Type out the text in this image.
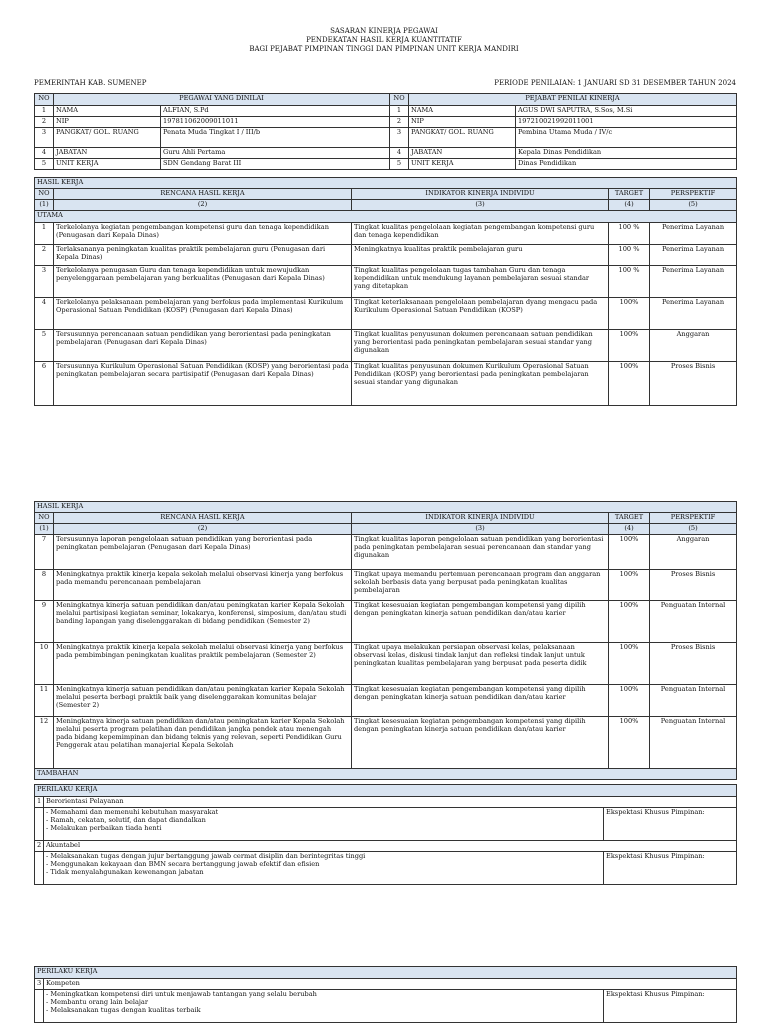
SASARAN KINERJA PEGAWAI
PENDEKATAN HASIL KERJA KUANTITATIF
BAGI PEJABAT PIMPINAN TINGGI DAN PIMPINAN UNIT KERJA MANDIRI
PEMERINTAH KAB. SUMENEP	PERIODE PENILAIAN: 1 JANUARI SD 31 DESEMBER TAHUN 2024
NO	PEGAWAI YANG DINILAI		NO	PEJABAT PENILAI KINERJA	
1	NAMA	ALFIAN, S.Pd	1	NAMA	AGUS DWI SAPUTRA, S.Sos, M.Si
2	NIP	197811062009011011	2	NIP	197210021992011001
3	PANGKAT/ GOL. RUANG	Penata Muda Tingkat I / III/b	3	PANGKAT/ GOL. RUANG	Pembina Utama Muda / IV/c
4	JABATAN	Guru Ahli Pertama	4	JABATAN	Kepala Dinas Pendidikan
5	UNIT KERJA	SDN Gendang Barat III	5	UNIT KERJA	Dinas Pendidikan
HASIL KERJA				
NO	RENCANA HASIL KERJA	INDIKATOR KINERJA INDIVIDU	TARGET	PERSPEKTIF
(1)	(2)	(3)	(4)	(5)
UTAMA				
1	Terkelolanya kegiatan pengembangan kompetensi guru dan tenaga kependidikan (Penugasan dari Kepala Dinas)	Tingkat kualitas pengelolaan kegiatan pengembangan kompetensi guru dan tenaga kependidikan	100 %	Penerima Layanan
2	Terlaksananya peningkatan kualitas praktik pembelajaran guru (Penugasan dari Kepala Dinas)	Meningkatnya kualitas praktik pembelajaran guru	100 %	Penerima Layanan
3	Terkelolanya penugasan Guru dan tenaga kependidikan untuk mewujudkan penyelenggaraan pembelajaran yang berkualitas (Penugasan dari Kepala Dinas)	Tingkat kualitas pengelolaan tugas tambahan Guru dan tenaga kependidikan untuk mendukung layanan pembelajaran sesuai standar yang ditetapkan	100 %	Penerima Layanan
4	Terkelolanya pelaksanaan pembelajaran yang berfokus pada implementasi Kurikulum Operasional Satuan Pendidikan (KOSP) (Penugasan dari Kepala Dinas)	Tingkat keterlaksanaan pengelolaan pembelajaran dyang mengacu pada Kurikulum Operasional Satuan Pendidikan (KOSP)	100%	Penerima Layanan
5	Tersusunnya perencanaan satuan pendidikan yang berorientasi pada peningkatan pembelajaran (Penugasan dari Kepala Dinas)	Tingkat kualitas penyusunan dokumen perencanaan satuan pendidikan yang berorientasi pada peningkatan pembelajaran sesuai standar yang digunakan	100%	Anggaran
6	Tersusunnya Kurikulum Operasional Satuan Pendidikan (KOSP) yang berorientasi pada peningkatan pembelajaran secara partisipatif (Penugasan dari Kepala Dinas)	Tingkat kualitas penyusunan dokumen Kurikulum Operasional Satuan Pendidikan (KOSP) yang berorientasi pada peningkatan pembelajaran sesuai standar yang digunakan	100%	Proses Bisnis
HASIL KERJA				
NO	RENCANA HASIL KERJA	INDIKATOR KINERJA INDIVIDU	TARGET	PERSPEKTIF
(1)	(2)	(3)	(4)	(5)
7	Tersusunnya laporan pengelolaan satuan pendidikan yang berorientasi pada peningkatan pembelajaran (Penugasan dari Kepala Dinas)	Tingkat kualitas laporan pengelolaan satuan pendidikan yang berorientasi pada peningkatan pembelajaran sesuai perencanaan dan standar yang digunakan	100%	Anggaran
8	Meningkatnya praktik kinerja kepala sekolah melalui observasi kinerja yang berfokus pada memandu perencanaan pembelajaran	Tingkat upaya memandu pertemuan perencanaan program dan anggaran sekolah berbasis data yang berpusat pada peningkatan kualitas pembelajaran	100%	Proses Bisnis
9	Meningkatnya kinerja satuan pendidikan dan/atau peningkatan karier Kepala Sekolah melalui partisipasi kegiatan seminar, lokakarya, konferensi, simposium, dan/atau studi banding lapangan yang diselenggarakan di bidang pendidikan (Semester 2)	Tingkat kesesuaian kegiatan pengembangan kompetensi yang dipilih dengan peningkatan kinerja satuan pendidikan dan/atau karier	100%	Penguatan Internal
10	Meningkatnya praktik kinerja kepala sekolah melalui observasi kinerja yang berfokus pada pembimbingan peningkatan kualitas praktik pembelajaran (Semester 2)	Tingkat upaya melakukan persiapan observasi kelas, pelaksanaan observasi kelas, diskusi tindak lanjut dan refleksi tindak lanjut untuk peningkatan kualitas pembelajaran yang berpusat pada peserta didik	100%	Proses Bisnis
11	Meningkatnya kinerja satuan pendidikan dan/atau peningkatan karier Kepala Sekolah melalui peserta berbagi praktik baik yang diselenggarakan komunitas belajar (Semester 2)	Tingkat kesesuaian kegiatan pengembangan kompetensi yang dipilih dengan peningkatan kinerja satuan pendidikan dan/atau karier	100%	Penguatan Internal
12	Meningkatnya kinerja satuan pendidikan dan/atau peningkatan karier Kepala Sekolah melalui peserta program pelatihan dan pendidikan jangka pendek atau menengah pada bidang kepemimpinan dan bidang teknis yang relevan, seperti Pendidikan Guru Penggerak atau pelatihan manajerial Kepala Sekolah	Tingkat kesesuaian kegiatan pengembangan kompetensi yang dipilih dengan peningkatan kinerja satuan pendidikan dan/atau karier	100%	Penguatan Internal
TAMBAHAN				
PERILAKU KERJA		
1	Berorientasi Pelayanan	

	- Memahami dan memenuhi kebutuhan masyarakat
- Ramah, cekatan, solutif, dan dapat diandalkan
- Melakukan perbaikan tiada henti	Ekspektasi Khusus Pimpinan:
2	Akuntabel	

	- Melaksanakan tugas dengan jujur bertanggung jawab cermat disiplin dan berintegritas tinggi
- Menggunakan kekayaan dan BMN secara bertanggung jawab efektif dan efisien
- Tidak menyalahgunakan kewenangan jabatan	Ekspektasi Khusus Pimpinan:
PERILAKU KERJA		
3	Kompeten	

	- Meningkatkan kompetensi diri untuk menjawab tantangan yang selalu berubah
- Membantu orang lain belajar
- Melaksanakan tugas dengan kualitas terbaik	Ekspektasi Khusus Pimpinan:
